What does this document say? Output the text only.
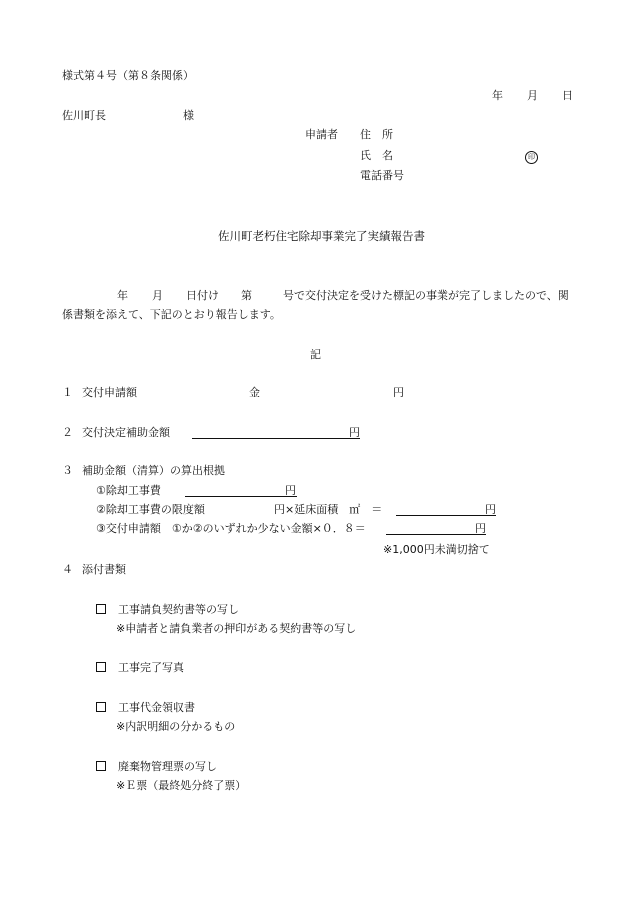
様式第４号（第８条関係）
年 月 日
佐川町長	様
申請者 住　所
氏　名	印
電話番号
佐川町老朽住宅除却事業完了実績報告書
年 月 日付け 第	号で交付決定を受けた標記の事業が完了しましたので、関
係書類を添えて、下記のとおり報告します。
記
１ 交付申請額	金	円
２ 交付決定補助金額	円
３ 補助金額（清算）の算出根拠
①除却工事費	円
②除却工事費の限度額	円×延床面積　㎡　＝	円
③交付申請額　①か②のいずれか少ない金額×０．８＝	円
※1,000円未満切捨て
４ 添付書類
工事請負契約書等の写し
※申請者と請負業者の押印がある契約書等の写し
工事完了写真
工事代金領収書
※内訳明細の分かるもの
廃棄物管理票の写し
※Ｅ票（最終処分終了票）
